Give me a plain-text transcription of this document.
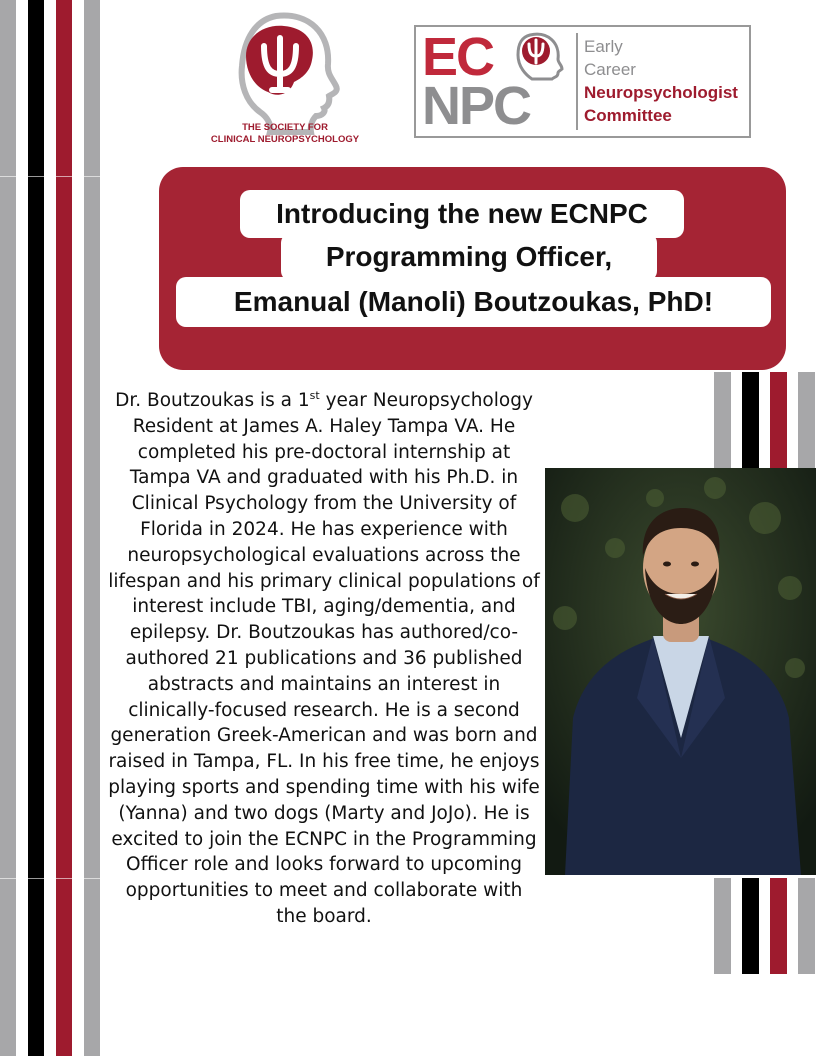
THE SOCIETY FOR
CLINICAL NEUROPSYCHOLOGY
EC
NPC
Early
Career
Neuropsychologist
Committee
Introducing the new ECNPC
Programming Officer,
Emanual (Manoli) Boutzoukas, PhD!
Dr. Boutzoukas is a 1st year Neuropsychology Resident at James A. Haley Tampa VA. He completed his pre-doctoral internship at Tampa VA and graduated with his Ph.D. in Clinical Psychology from the University of Florida in 2024. He has experience with neuropsychological evaluations across the lifespan and his primary clinical populations of interest include TBI, aging/dementia, and epilepsy. Dr. Boutzoukas has authored/co-authored 21 publications and 36 published abstracts and maintains an interest in clinically-focused research. He is a second generation Greek-American and was born and raised in Tampa, FL. In his free time, he enjoys playing sports and spending time with his wife (Yanna) and two dogs (Marty and JoJo). He is excited to join the ECNPC in the Programming Officer role and looks forward to upcoming opportunities to meet and collaborate with the board.
